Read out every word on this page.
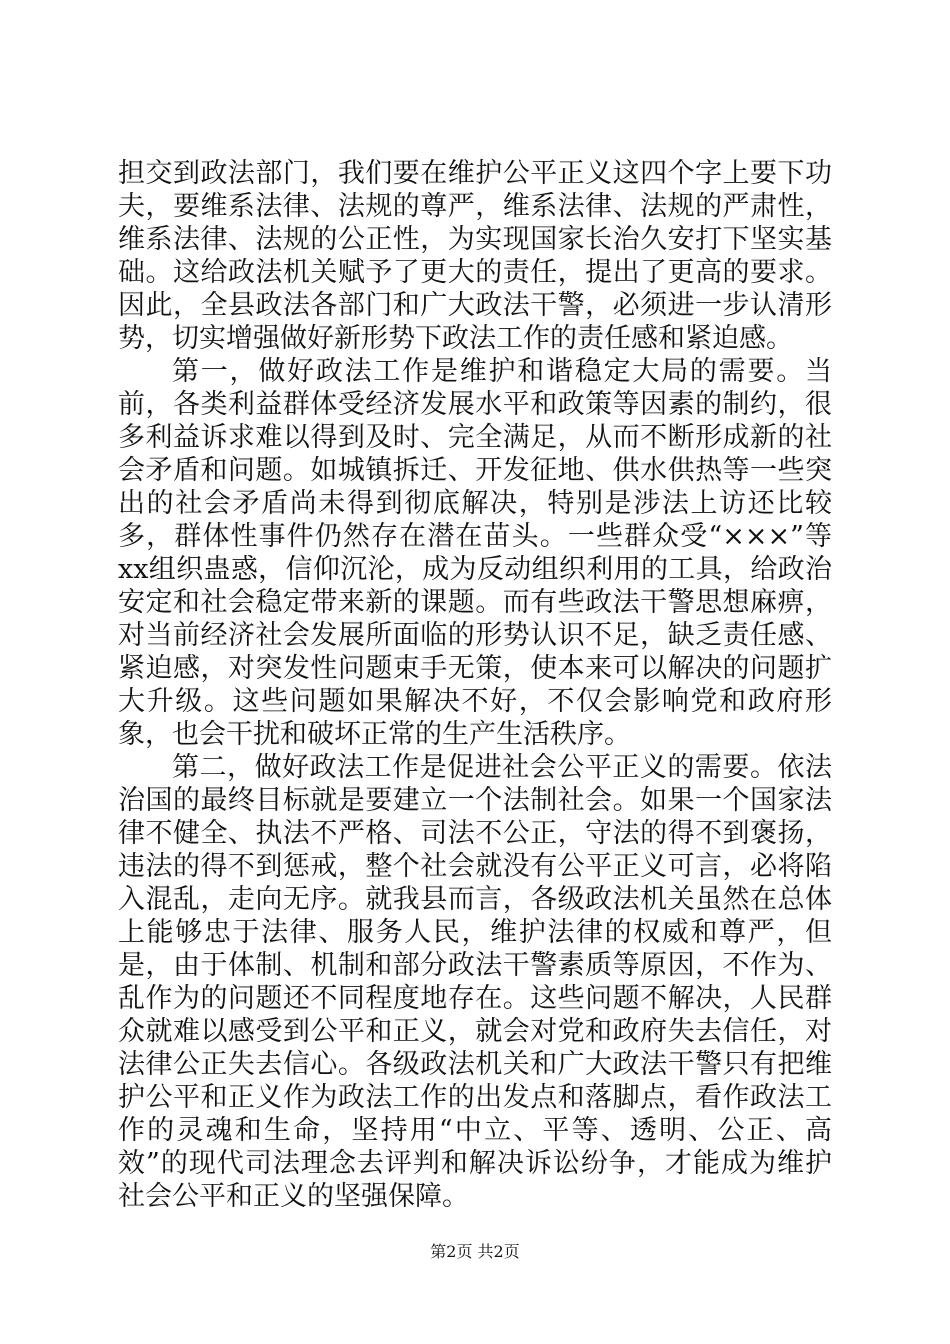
担交到政法部门，我们要在维护公平正义这四个字上要下功夫，要维系法律、法规的尊严，维系法律、法规的严肃性，维系法律、法规的公正性，为实现国家长治久安打下坚实基础。这给政法机关赋予了更大的责任，提出了更高的要求。因此，全县政法各部门和广大政法干警，必须进一步认清形势，切实增强做好新形势下政法工作的责任感和紧迫感。

第一，做好政法工作是维护和谐稳定大局的需要。当前，各类利益群体受经济发展水平和政策等因素的制约，很多利益诉求难以得到及时、完全满足，从而不断形成新的社会矛盾和问题。如城镇拆迁、开发征地、供水供热等一些突出的社会矛盾尚未得到彻底解决，特别是涉法上访还比较多，群体性事件仍然存在潜在苗头。一些群众受“×××”等xx组织蛊惑，信仰沉沦，成为反动组织利用的工具，给政治安定和社会稳定带来新的课题。而有些政法干警思想麻痹，对当前经济社会发展所面临的形势认识不足，缺乏责任感、紧迫感，对突发性问题束手无策，使本来可以解决的问题扩大升级。这些问题如果解决不好，不仅会影响党和政府形象，也会干扰和破坏正常的生产生活秩序。

第二，做好政法工作是促进社会公平正义的需要。依法治国的最终目标就是要建立一个法制社会。如果一个国家法律不健全、执法不严格、司法不公正，守法的得不到褒扬，违法的得不到惩戒，整个社会就没有公平正义可言，必将陷入混乱，走向无序。就我县而言，各级政法机关虽然在总体上能够忠于法律、服务人民，维护法律的权威和尊严，但是，由于体制、机制和部分政法干警素质等原因，不作为、乱作为的问题还不同程度地存在。这些问题不解决，人民群众就难以感受到公平和正义，就会对党和政府失去信任，对法律公正失去信心。各级政法机关和广大政法干警只有把维护公平和正义作为政法工作的出发点和落脚点，看作政法工作的灵魂和生命，坚持用“中立、平等、透明、公正、高效”的现代司法理念去评判和解决诉讼纷争，才能成为维护社会公平和正义的坚强保障。

第2页 共2页
